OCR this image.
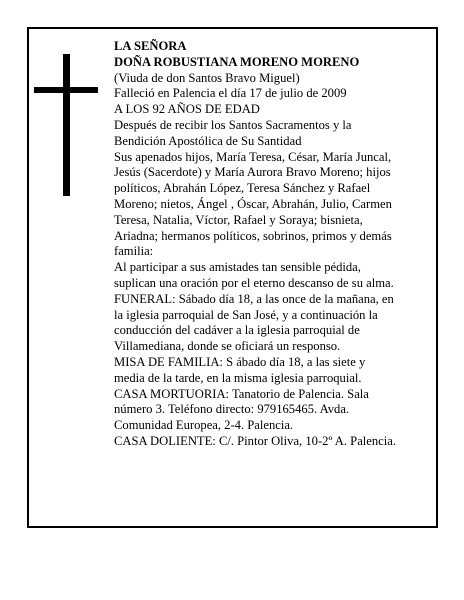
LA SEÑORA

DOÑA ROBUSTIANA MORENO MORENO

(Viuda de don Santos Bravo Miguel)

Falleció en Palencia el día 17 de julio de 2009

A LOS 92 AÑOS DE EDAD

Después de recibir los Santos Sacramentos y la
Bendición Apostólica de Su Santidad

Sus apenados hijos, María Teresa, César, María Juncal,
Jesús (Sacerdote) y María Aurora Bravo Moreno; hijos
políticos, Abrahán López, Teresa Sánchez y Rafael
Moreno; nietos, Ángel , Óscar, Abrahán, Julio, Carmen
Teresa, Natalia, Víctor, Rafael y Soraya; bisnieta,
Ariadna; hermanos políticos, sobrinos, primos y demás
familia:

Al participar a sus amistades tan sensible pédida,
suplican una oración por el eterno descanso de su alma.

FUNERAL: Sábado día 18, a las once de la mañana, en
la iglesia parroquial de San José, y a continuación la
conducción del cadáver a la iglesia parroquial de
Villamediana, donde se oficiará un responso.

MISA DE FAMILIA: S ábado día 18, a las siete y
media de la tarde, en la misma iglesia parroquial.

CASA MORTUORIA: Tanatorio de Palencia. Sala
número 3. Teléfono directo: 979165465. Avda.
Comunidad Europea, 2-4. Palencia.

CASA DOLIENTE: C/. Pintor Oliva, 10-2º A. Palencia.
